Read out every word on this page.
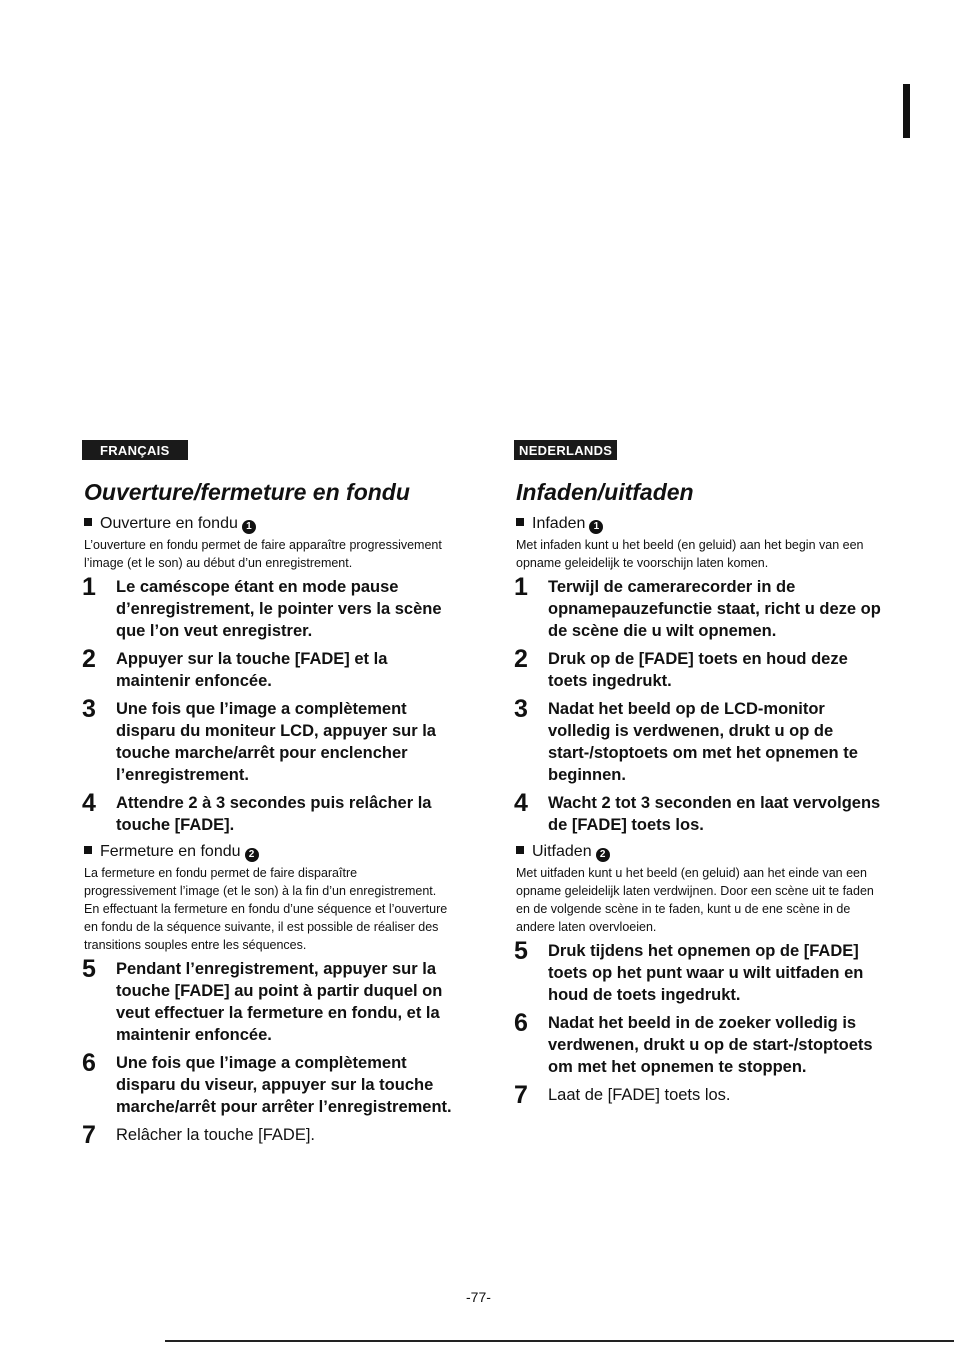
FRANÇAIS
Ouverture/fermeture en fondu
Ouverture en fondu 1
L’ouverture en fondu permet de faire apparaître progressivement l’image (et le son) au début d’un enregistrement.
1	Le caméscope étant en mode pause d’enregistrement, le pointer vers la scène que l’on veut enregistrer.
2	Appuyer sur la touche [FADE] et la maintenir enfoncée.
3	Une fois que l’image a complètement disparu du moniteur LCD, appuyer sur la touche marche/arrêt pour enclencher l’enregistrement.
4	Attendre 2 à 3 secondes puis relâcher la touche [FADE].
Fermeture en fondu 2
La fermeture en fondu permet de faire disparaître progressivement l’image (et le son) à la fin d’un enregistrement. En effectuant la fermeture en fondu d’une séquence et l’ouverture en fondu de la séquence suivante, il est possible de réaliser des transitions souples entre les séquences.
5	Pendant l’enregistrement, appuyer sur la touche [FADE] au point à partir duquel on veut effectuer la fermeture en fondu, et la maintenir enfoncée.
6	Une fois que l’image a complètement disparu du viseur, appuyer sur la touche marche/arrêt pour arrêter l’enregistrement.
7	Relâcher la touche [FADE].
NEDERLANDS
Infaden/uitfaden
Infaden 1
Met infaden kunt u het beeld (en geluid) aan het begin van een opname geleidelijk te voorschijn laten komen.
1	Terwijl de camerarecorder in de opnamepauzefunctie staat, richt u deze op de scène die u wilt opnemen.
2	Druk op de [FADE] toets en houd deze toets ingedrukt.
3	Nadat het beeld op de LCD-monitor volledig is verdwenen, drukt u op de start-/stoptoets om met het opnemen te beginnen.
4	Wacht 2 tot 3 seconden en laat vervolgens de [FADE] toets los.
Uitfaden 2
Met uitfaden kunt u het beeld (en geluid) aan het einde van een opname geleidelijk laten verdwijnen. Door een scène uit te faden en de volgende scène in te faden, kunt u de ene scène in de andere laten overvloeien.
5	Druk tijdens het opnemen op de [FADE] toets op het punt waar u wilt uitfaden en houd de toets ingedrukt.
6	Nadat het beeld in de zoeker volledig is verdwenen, drukt u op de start-/stoptoets om met het opnemen te stoppen.
7	Laat de [FADE] toets los.
-77-
